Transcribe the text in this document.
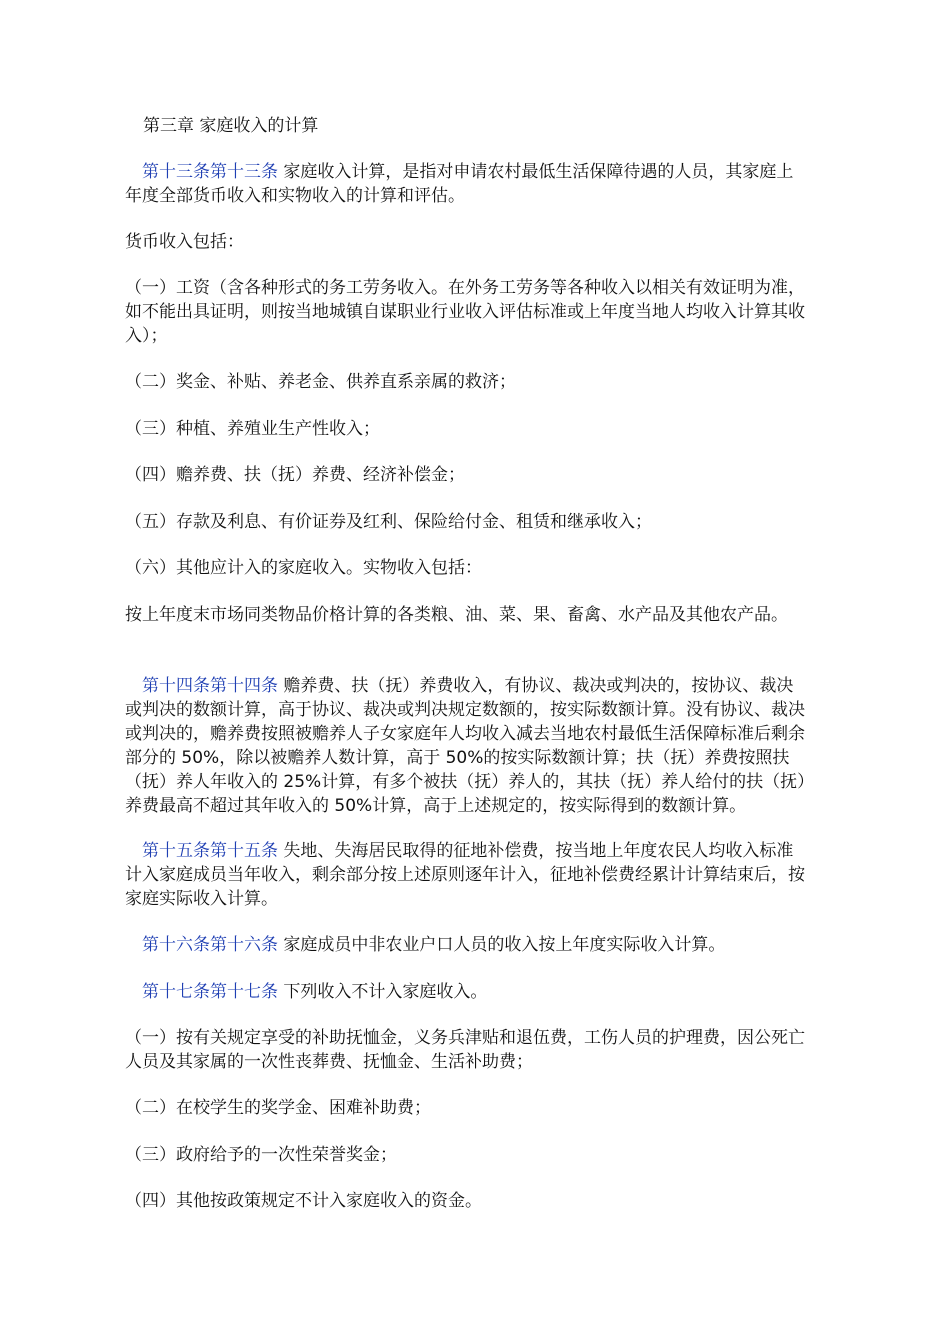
第三章 家庭收入的计算
　第十三条第十三条 家庭收入计算，是指对申请农村最低生活保障待遇的人员，其家庭上
年度全部货币收入和实物收入的计算和评估。
货币收入包括：
（一）工资（含各种形式的务工劳务收入。在外务工劳务等各种收入以相关有效证明为准，
如不能出具证明，则按当地城镇自谋职业行业收入评估标准或上年度当地人均收入计算其收
入）；
（二）奖金、补贴、养老金、供养直系亲属的救济；
（三）种植、养殖业生产性收入；
（四）赡养费、扶（抚）养费、经济补偿金；
（五）存款及利息、有价证券及红利、保险给付金、租赁和继承收入；
（六）其他应计入的家庭收入。实物收入包括：
按上年度末市场同类物品价格计算的各类粮、油、菜、果、畜禽、水产品及其他农产品。
　第十四条第十四条 赡养费、扶（抚）养费收入，有协议、裁决或判决的，按协议、裁决
或判决的数额计算，高于协议、裁决或判决规定数额的，按实际数额计算。没有协议、裁决
或判决的，赡养费按照被赡养人子女家庭年人均收入减去当地农村最低生活保障标准后剩余
部分的 50%，除以被赡养人数计算，高于 50%的按实际数额计算；扶（抚）养费按照扶
（抚）养人年收入的 25%计算，有多个被扶（抚）养人的，其扶（抚）养人给付的扶（抚）
养费最高不超过其年收入的 50%计算，高于上述规定的，按实际得到的数额计算。
　第十五条第十五条 失地、失海居民取得的征地补偿费，按当地上年度农民人均收入标准
计入家庭成员当年收入，剩余部分按上述原则逐年计入，征地补偿费经累计计算结束后，按
家庭实际收入计算。
　第十六条第十六条 家庭成员中非农业户口人员的收入按上年度实际收入计算。
　第十七条第十七条 下列收入不计入家庭收入。
（一）按有关规定享受的补助抚恤金，义务兵津贴和退伍费，工伤人员的护理费，因公死亡
人员及其家属的一次性丧葬费、抚恤金、生活补助费；
（二）在校学生的奖学金、困难补助费；
（三）政府给予的一次性荣誉奖金；
（四）其他按政策规定不计入家庭收入的资金。
